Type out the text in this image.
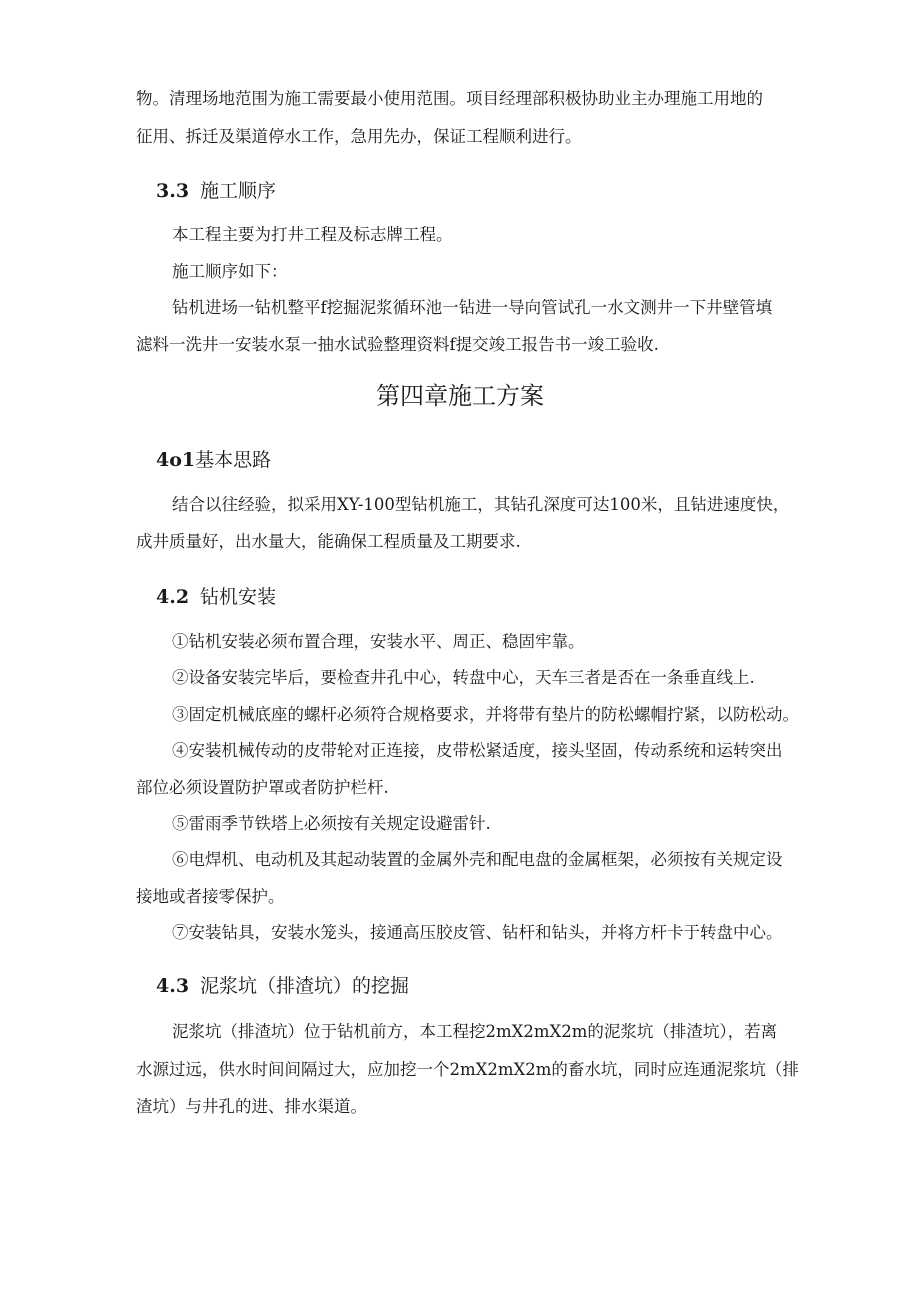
物。清理场地范围为施工需要最小使用范围。项目经理部积极协助业主办理施工用地的
征用、拆迁及渠道停水工作，急用先办，保证工程顺利进行。
3.3 施工顺序
本工程主要为打井工程及标志牌工程。
施工顺序如下：
钻机进场一钻机整平f挖掘泥浆循环池一钻进一导向管试孔一水文测井一下井壁管填
滤料一洗井一安装水泵一抽水试验整理资料f提交竣工报告书一竣工验收.
第四章施工方案
4o1基本思路
结合以往经验，拟采用XY-100型钻机施工，其钻孔深度可达100米，且钻进速度快，
成井质量好，出水量大，能确保工程质量及工期要求.
4.2 钻机安装
①钻机安装必须布置合理，安装水平、周正、稳固牢靠。
②设备安装完毕后，要检查井孔中心，转盘中心，天车三者是否在一条垂直线上.
③固定机械底座的螺杆必须符合规格要求，并将带有垫片的防松螺帽拧紧，以防松动。
④安装机械传动的皮带轮对正连接，皮带松紧适度，接头坚固，传动系统和运转突出
部位必须设置防护罩或者防护栏杆.
⑤雷雨季节铁塔上必须按有关规定设避雷针.
⑥电焊机、电动机及其起动装置的金属外壳和配电盘的金属框架，必须按有关规定设
接地或者接零保护。
⑦安装钻具，安装水笼头，接通高压胶皮管、钻杆和钻头，并将方杆卡于转盘中心。
4.3 泥浆坑（排渣坑）的挖掘
泥浆坑（排渣坑）位于钻机前方，本工程挖2mX2mX2m的泥浆坑（排渣坑），若离
水源过远，供水时间间隔过大，应加挖一个2mX2mX2m的畜水坑，同时应连通泥浆坑（排
渣坑）与井孔的进、排水渠道。
